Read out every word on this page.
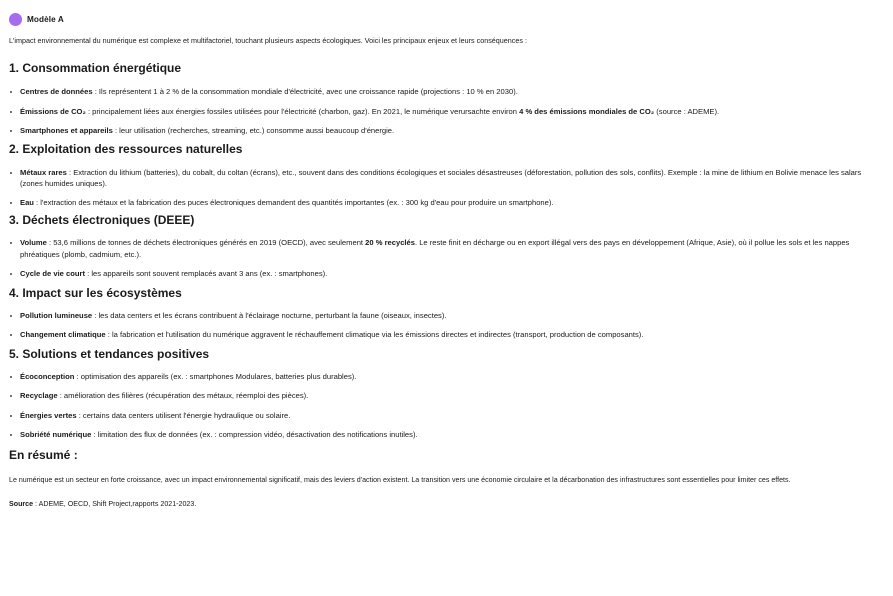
Modèle A

L'impact environnemental du numérique est complexe et multifactoriel, touchant plusieurs aspects écologiques. Voici les principaux enjeux et leurs conséquences :

1. Consommation énergétique
Centres de données : Ils représentent 1 à 2 % de la consommation mondiale d'électricité, avec une croissance rapide (projections : 10 % en 2030).
Émissions de CO₂ : principalement liées aux énergies fossiles utilisées pour l'électricité (charbon, gaz). En 2021, le numérique verursachte environ 4 % des émissions mondiales de CO₂ (source : ADEME).
Smartphones et appareils : leur utilisation (recherches, streaming, etc.) consomme aussi beaucoup d'énergie.
2. Exploitation des ressources naturelles
Métaux rares : Extraction du lithium (batteries), du cobalt, du coltan (écrans), etc., souvent dans des conditions écologiques et sociales désastreuses (déforestation, pollution des sols, conflits). Exemple : la mine de lithium en Bolivie menace les salars (zones humides uniques).
Eau : l'extraction des métaux et la fabrication des puces électroniques demandent des quantités importantes (ex. : 300 kg d'eau pour produire un smartphone).
3. Déchets électroniques (DEEE)
Volume : 53,6 millions de tonnes de déchets électroniques générés en 2019 (OECD), avec seulement 20 % recyclés. Le reste finit en décharge ou en export illégal vers des pays en développement (Afrique, Asie), où il pollue les sols et les nappes phréatiques (plomb, cadmium, etc.).
Cycle de vie court : les appareils sont souvent remplacés avant 3 ans (ex. : smartphones).
4. Impact sur les écosystèmes
Pollution lumineuse : les data centers et les écrans contribuent à l'éclairage nocturne, perturbant la faune (oiseaux, insectes).
Changement climatique : la fabrication et l'utilisation du numérique aggravent le réchauffement climatique via les émissions directes et indirectes (transport, production de composants).
5. Solutions et tendances positives
Écoconception : optimisation des appareils (ex. : smartphones Modulares, batteries plus durables).
Recyclage : amélioration des filières (récupération des métaux, réemploi des pièces).
Énergies vertes : certains data centers utilisent l'énergie hydraulique ou solaire.
Sobriété numérique : limitation des flux de données (ex. : compression vidéo, désactivation des notifications inutiles).
En résumé :

Le numérique est un secteur en forte croissance, avec un impact environnemental significatif, mais des leviers d'action existent. La transition vers une économie circulaire et la décarbonation des infrastructures sont essentielles pour limiter ces effets.

Source : ADEME, OECD, Shift Project,rapports 2021-2023.
